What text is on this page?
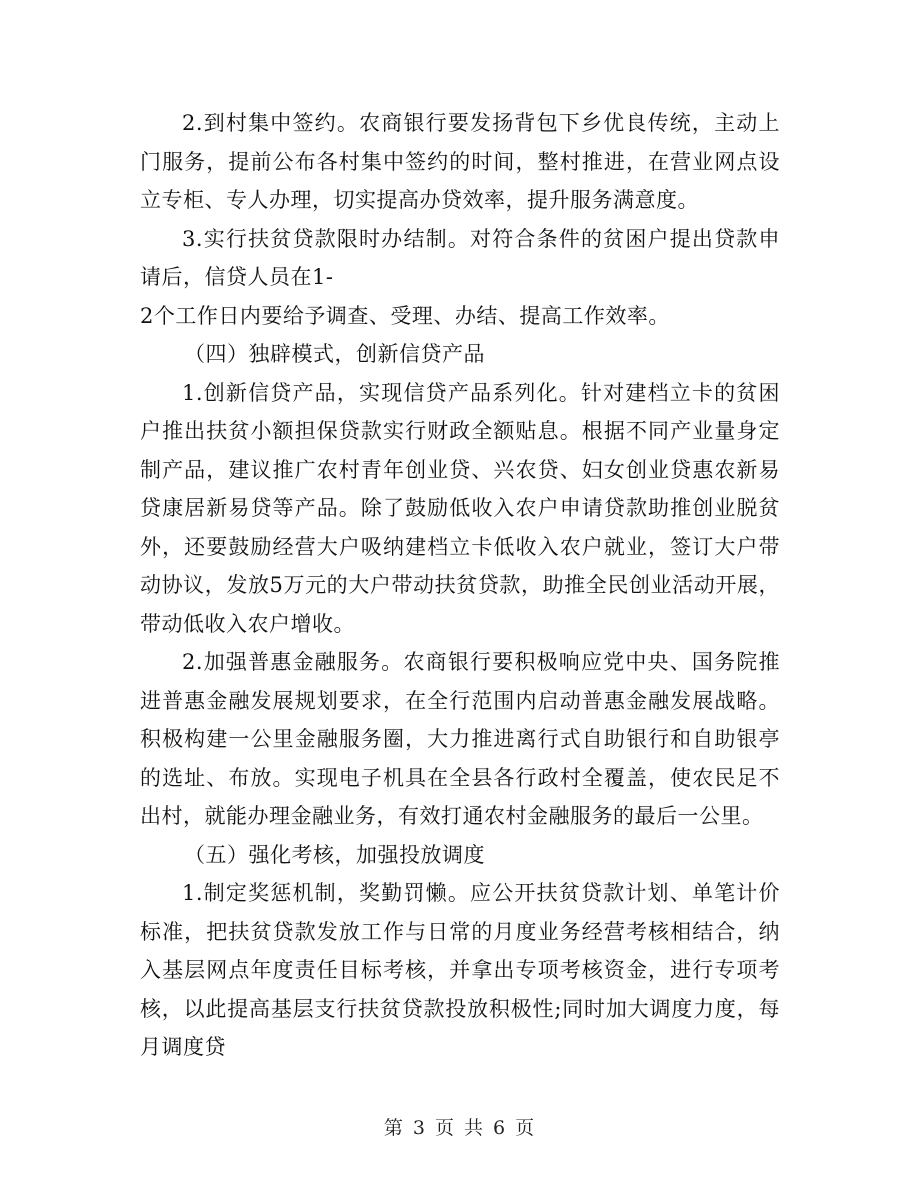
2.到村集中签约。农商银行要发扬背包下乡优良传统，主动上门服务，提前公布各村集中签约的时间，整村推进，在营业网点设立专柜、专人办理，切实提高办贷效率，提升服务满意度。

3.实行扶贫贷款限时办结制。对符合条件的贫困户提出贷款申请后，信贷人员在1-

2个工作日内要给予调查、受理、办结、提高工作效率。

（四）独辟模式，创新信贷产品

1.创新信贷产品，实现信贷产品系列化。针对建档立卡的贫困户推出扶贫小额担保贷款实行财政全额贴息。根据不同产业量身定制产品，建议推广农村青年创业贷、兴农贷、妇女创业贷惠农新易贷康居新易贷等产品。除了鼓励低收入农户申请贷款助推创业脱贫外，还要鼓励经营大户吸纳建档立卡低收入农户就业，签订大户带动协议，发放5万元的大户带动扶贫贷款，助推全民创业活动开展，带动低收入农户增收。

2.加强普惠金融服务。农商银行要积极响应党中央、国务院推进普惠金融发展规划要求，在全行范围内启动普惠金融发展战略。积极构建一公里金融服务圈，大力推进离行式自助银行和自助银亭的选址、布放。实现电子机具在全县各行政村全覆盖，使农民足不出村，就能办理金融业务，有效打通农村金融服务的最后一公里。

（五）强化考核，加强投放调度

1.制定奖惩机制，奖勤罚懒。应公开扶贫贷款计划、单笔计价标准，把扶贫贷款发放工作与日常的月度业务经营考核相结合，纳入基层网点年度责任目标考核，并拿出专项考核资金，进行专项考核，以此提高基层支行扶贫贷款投放积极性;同时加大调度力度，每月调度贷

第 3 页 共 6 页
